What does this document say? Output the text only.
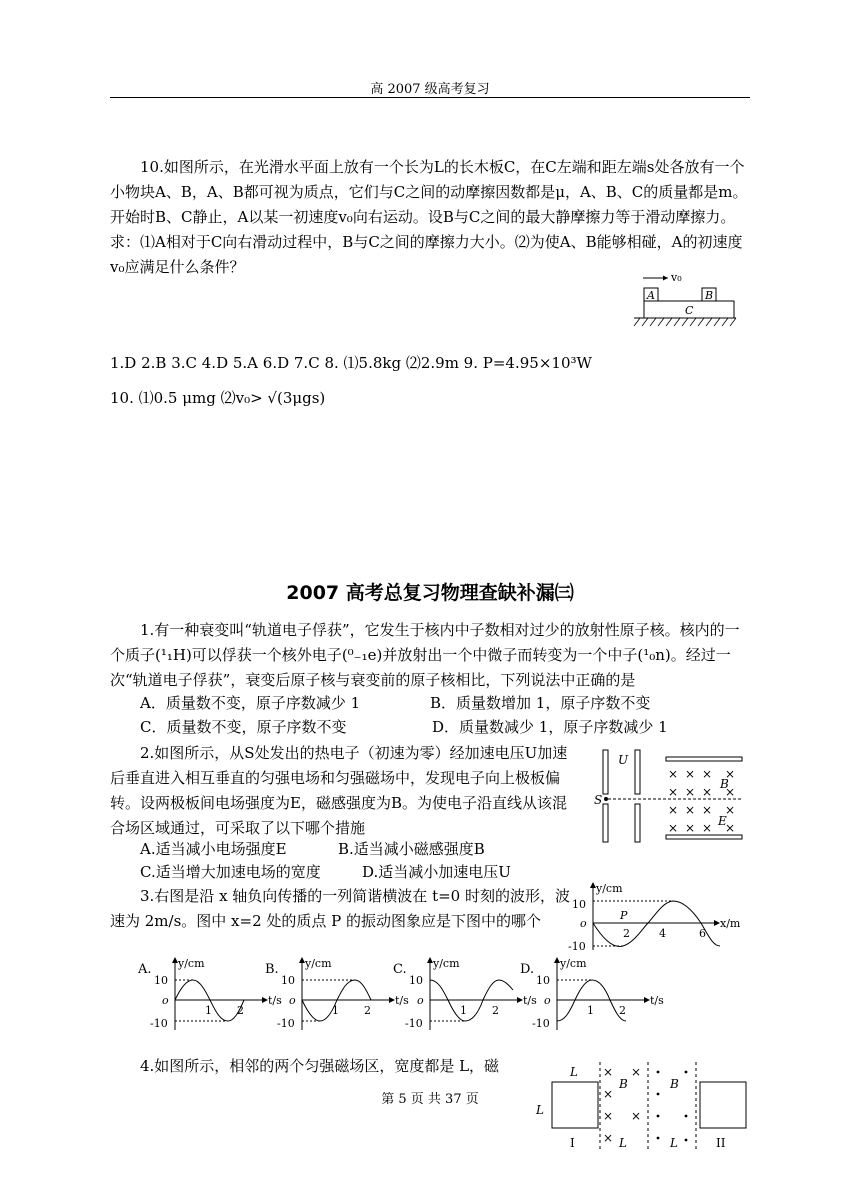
高 2007 级高考复习
10.如图所示，在光滑水平面上放有一个长为L的长木板C，在C左端和距左端s处各放有一个小物块A、B，A、B都可视为质点，它们与C之间的动摩擦因数都是μ，A、B、C的质量都是m。开始时B、C静止，A以某一初速度v₀向右运动。设B与C之间的最大静摩擦力等于滑动摩擦力。求：⑴A相对于C向右滑动过程中，B与C之间的摩擦力大小。⑵为使A、B能够相碰，A的初速度v₀应满足什么条件？
v₀
A	B
C
1.D 2.B 3.C 4.D 5.A 6.D 7.C 8. ⑴5.8kg ⑵2.9m 9. P=4.95×10³W
10. ⑴0.5 μmg ⑵v₀> √(3μgs)
2007 高考总复习物理查缺补漏㈢
1.有一种衰变叫“轨道电子俘获”，它发生于核内中子数相对过少的放射性原子核。核内的一个质子(¹₁H)可以俘获一个核外电子(⁰₋₁e)并放射出一个中微子而转变为一个中子(¹₀n)。经过一次“轨道电子俘获”，衰变后原子核与衰变前的原子核相比，下列说法中正确的是
A．质量数不变，原子序数减少 1	B．质量数增加 1，原子序数不变
C．质量数不变，原子序数不变	D．质量数减少 1，原子序数减少 1
2.如图所示，从S处发出的热电子（初速为零）经加速电压U加速后垂直进入相互垂直的匀强电场和匀强磁场中，发现电子向上极板偏转。设两极板间电场强度为E，磁感强度为B。为使电子沿直线从该混合场区域通过，可采取了以下哪个措施
A.适当减小电场强度E	B.适当减小磁感强度B
C.适当增大加速电场的宽度	D.适当减小加速电压U
U
S
× × × ×
× × × ×
× × × ×
× × × ×
B
E
3.右图是沿 x 轴负向传播的一列简谐横波在 t=0 时刻的波形，波速为 2m/s。图中 x=2 处的质点 P 的振动图象应是下图中的哪个
y/cm
x/m
10
o
-10
2	4	6
P
A. y/cm
t/s
10
o
-10
1 2
B. y/cm
t/s
10
o
-10
1 2
C. y/cm
t/s
10
o
-10
1 2
D. y/cm
t/s
10
o
-10
1 2
4.如图所示，相邻的两个匀强磁场区，宽度都是 L，磁	L
L
I
× ×
×
× ×
×
B
L
B
L	II
第 5 页 共 37 页
